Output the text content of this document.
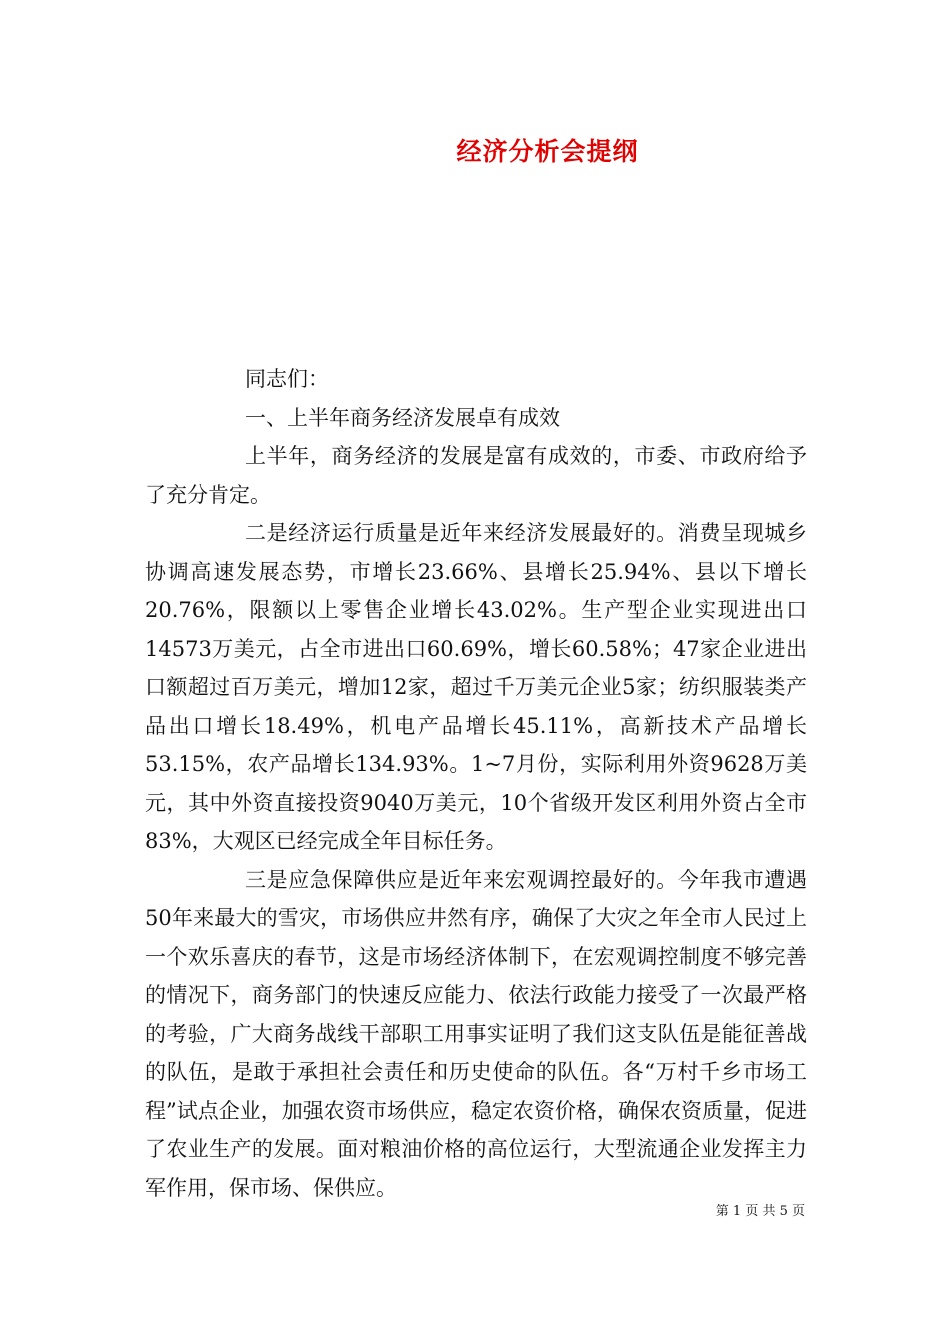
经济分析会提纲

同志们：

一、上半年商务经济发展卓有成效

上半年，商务经济的发展是富有成效的，市委、市政府给予了充分肯定。

二是经济运行质量是近年来经济发展最好的。消费呈现城乡协调高速发展态势，市增长23.66%、县增长25.94%、县以下增长20.76%，限额以上零售企业增长43.02%。生产型企业实现进出口14573万美元，占全市进出口60.69%，增长60.58%；47家企业进出口额超过百万美元，增加12家，超过千万美元企业5家；纺织服装类产品出口增长18.49%，机电产品增长45.11%，高新技术产品增长53.15%，农产品增长134.93%。1~7月份，实际利用外资9628万美元，其中外资直接投资9040万美元，10个省级开发区利用外资占全市83%，大观区已经完成全年目标任务。

三是应急保障供应是近年来宏观调控最好的。今年我市遭遇50年来最大的雪灾，市场供应井然有序，确保了大灾之年全市人民过上一个欢乐喜庆的春节，这是市场经济体制下，在宏观调控制度不够完善的情况下，商务部门的快速反应能力、依法行政能力接受了一次最严格的考验，广大商务战线干部职工用事实证明了我们这支队伍是能征善战的队伍，是敢于承担社会责任和历史使命的队伍。各“万村千乡市场工程”试点企业，加强农资市场供应，稳定农资价格，确保农资质量，促进了农业生产的发展。面对粮油价格的高位运行，大型流通企业发挥主力军作用，保市场、保供应。

第 1 页 共 5 页
